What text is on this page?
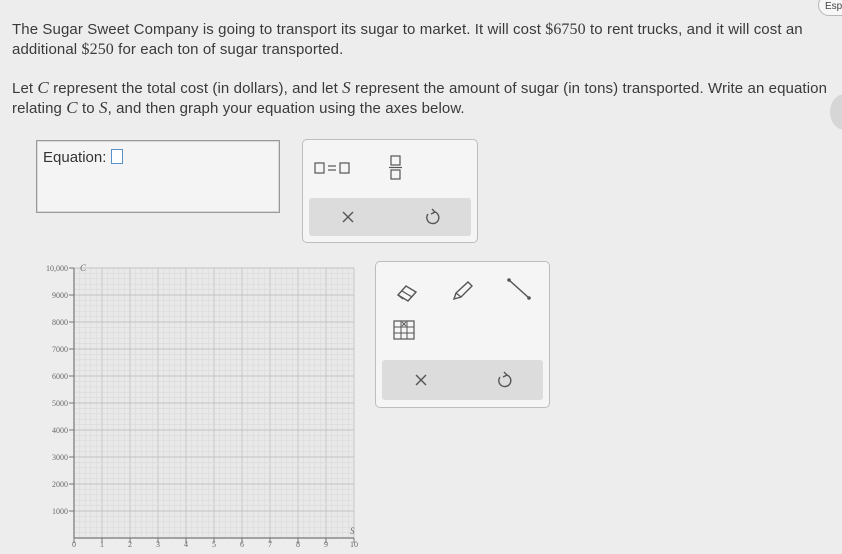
Esp

The Sugar Sweet Company is going to transport its sugar to market. It will cost $6750 to rent trucks, and it will cost an

additional $250 for each ton of sugar transported.

Let C represent the total cost (in dollars), and let S represent the amount of sugar (in tons) transported. Write an equation

relating C to S, and then graph your equation using the axes below.

Equation:
1000
2000
3000
4000
5000
6000
7000
8000
9000
10,000
0	1	2	3	4	5	6	7	8	9	10
C
S
